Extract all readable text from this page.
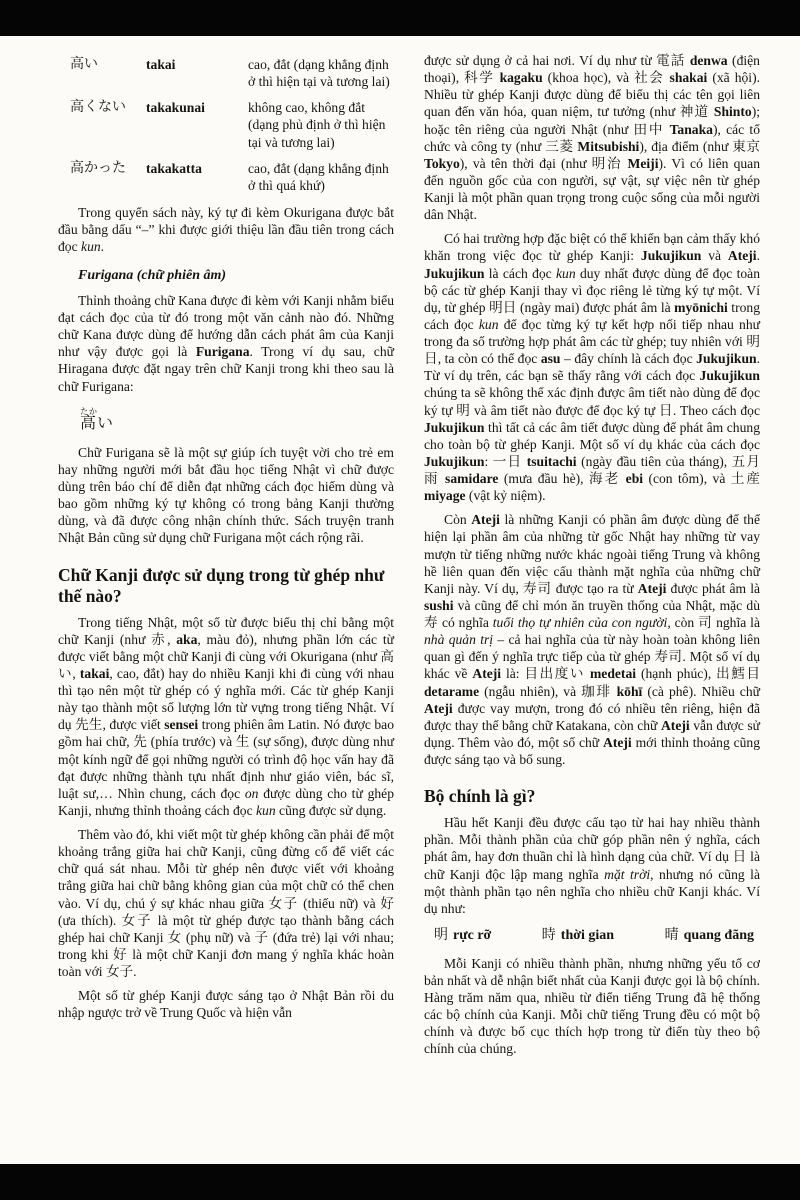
高い	takai	cao, đắt (dạng khẳng định ở thì hiện tại và tương lai)
高くない	takakunai	không cao, không đắt (dạng phủ định ở thì hiện tại và tương lai)
高かった	takakatta	cao, đắt (dạng khẳng định ở thì quá khứ)

Trong quyển sách này, ký tự đi kèm Okurigana được bắt đầu bằng dấu “–” khi được giới thiệu lần đầu tiên trong cách đọc kun.

Furigana (chữ phiên âm)

Thỉnh thoảng chữ Kana được đi kèm với Kanji nhằm biểu đạt cách đọc của từ đó trong một văn cảnh nào đó. Những chữ Kana được dùng để hướng dẫn cách phát âm của Kanji như vậy được gọi là Furigana. Trong ví dụ sau, chữ Hiragana được đặt ngay trên chữ Kanji trong khi theo sau là chữ Furigana:

高たかい

Chữ Furigana sẽ là một sự giúp ích tuyệt vời cho trẻ em hay những người mới bắt đầu học tiếng Nhật vì chữ được dùng trên báo chí để diễn đạt những cách đọc hiếm dùng và bao gồm những ký tự không có trong bảng Kanji thường dùng, và đã được công nhận chính thức. Sách truyện tranh Nhật Bản cũng sử dụng chữ Furigana một cách rộng rãi.

Chữ Kanji được sử dụng trong từ ghép như thế nào?

Trong tiếng Nhật, một số từ được biểu thị chỉ bằng một chữ Kanji (như 赤, aka, màu đỏ), nhưng phần lớn các từ được viết bằng một chữ Kanji đi cùng với Okurigana (như 高い, takai, cao, đắt) hay do nhiều Kanji khi đi cùng với nhau thì tạo nên một từ ghép có ý nghĩa mới. Các từ ghép Kanji này tạo thành một số lượng lớn từ vựng trong tiếng Nhật. Ví dụ 先生, được viết sensei trong phiên âm Latin. Nó được bao gồm hai chữ, 先 (phía trước) và 生 (sự sống), được dùng như một kính ngữ để gọi những người có trình độ học vấn hay đã đạt được những thành tựu nhất định như giáo viên, bác sĩ, luật sư,… Nhìn chung, cách đọc on được dùng cho từ ghép Kanji, nhưng thỉnh thoảng cách đọc kun cũng được sử dụng.

Thêm vào đó, khi viết một từ ghép không cần phải để một khoảng trắng giữa hai chữ Kanji, cũng đừng cố để viết các chữ quá sát nhau. Mỗi từ ghép nên được viết với khoảng trắng giữa hai chữ bằng không gian của một chữ có thể chen vào. Ví dụ, chú ý sự khác nhau giữa 女子 (thiếu nữ) và 好 (ưa thích). 女子 là một từ ghép được tạo thành bằng cách ghép hai chữ Kanji 女 (phụ nữ) và 子 (đứa trẻ) lại với nhau; trong khi 好 là một chữ Kanji đơn mang ý nghĩa khác hoàn toàn với 女子.

Một số từ ghép Kanji được sáng tạo ở Nhật Bản rồi du nhập ngược trở về Trung Quốc và hiện vẫn

được sử dụng ở cả hai nơi. Ví dụ như từ 電話 denwa (điện thoại), 科学 kagaku (khoa học), và 社会 shakai (xã hội). Nhiều từ ghép Kanji được dùng để biểu thị các tên gọi liên quan đến văn hóa, quan niệm, tư tưởng (như 神道 Shinto); hoặc tên riêng của người Nhật (như 田中 Tanaka), các tổ chức và công ty (như 三菱 Mitsubishi), địa điểm (như 東京 Tokyo), và tên thời đại (như 明治 Meiji). Vì có liên quan đến nguồn gốc của con người, sự vật, sự việc nên từ ghép Kanji là một phần quan trọng trong cuộc sống của mỗi người dân Nhật.

Có hai trường hợp đặc biệt có thể khiến bạn cảm thấy khó khăn trong việc đọc từ ghép Kanji: Jukujikun và Ateji. Jukujikun là cách đọc kun duy nhất được dùng để đọc toàn bộ các từ ghép Kanji thay vì đọc riêng lẻ từng ký tự một. Ví dụ, từ ghép 明日 (ngày mai) được phát âm là myōnichi trong cách đọc kun để đọc từng ký tự kết hợp nối tiếp nhau như trong đa số trường hợp phát âm các từ ghép; tuy nhiên với 明日, ta còn có thể đọc asu – đây chính là cách đọc Jukujikun. Từ ví dụ trên, các bạn sẽ thấy rằng với cách đọc Jukujikun chúng ta sẽ không thể xác định được âm tiết nào dùng để đọc ký tự 明 và âm tiết nào được để đọc ký tự 日. Theo cách đọc Jukujikun thì tất cả các âm tiết được dùng để phát âm chung cho toàn bộ từ ghép Kanji. Một số ví dụ khác của cách đọc Jukujikun: 一日 tsuitachi (ngày đầu tiên của tháng), 五月雨 samidare (mưa đầu hè), 海老 ebi (con tôm), và 土産 miyage (vật kỷ niệm).

Còn Ateji là những Kanji có phần âm được dùng để thể hiện lại phần âm của những từ gốc Nhật hay những từ vay mượn từ tiếng những nước khác ngoài tiếng Trung và không hề liên quan đến việc cấu thành mặt nghĩa của những chữ Kanji này. Ví dụ, 寿司 được tạo ra từ Ateji được phát âm là sushi và cũng để chỉ món ăn truyền thống của Nhật, mặc dù 寿 có nghĩa tuổi thọ tự nhiên của con người, còn 司 nghĩa là nhà quản trị – cả hai nghĩa của từ này hoàn toàn không liên quan gì đến ý nghĩa trực tiếp của từ ghép 寿司. Một số ví dụ khác về Ateji là: 目出度い medetai (hạnh phúc), 出鱈目 detarame (ngẫu nhiên), và 珈琲 kōhī (cà phê). Nhiều chữ Ateji được vay mượn, trong đó có nhiều tên riêng, hiện đã được thay thế bằng chữ Katakana, còn chữ Ateji vẫn được sử dụng. Thêm vào đó, một số chữ Ateji mới thỉnh thoảng cũng được sáng tạo và bổ sung.

Bộ chính là gì?

Hầu hết Kanji đều được cấu tạo từ hai hay nhiều thành phần. Mỗi thành phần của chữ góp phần nên ý nghĩa, cách phát âm, hay đơn thuần chỉ là hình dạng của chữ. Ví dụ 日 là chữ Kanji độc lập mang nghĩa mặt trời, nhưng nó cũng là một thành phần tạo nên nghĩa cho nhiều chữ Kanji khác. Ví dụ như:

明 rực rỡ	時 thời gian	晴 quang đãng

Mỗi Kanji có nhiều thành phần, nhưng những yếu tố cơ bản nhất và dễ nhận biết nhất của Kanji được gọi là bộ chính. Hàng trăm năm qua, nhiều từ điển tiếng Trung đã hệ thống các bộ chính của Kanji. Mỗi chữ tiếng Trung đều có một bộ chính và được bố cục thích hợp trong từ điển tùy theo bộ chính của chúng.
